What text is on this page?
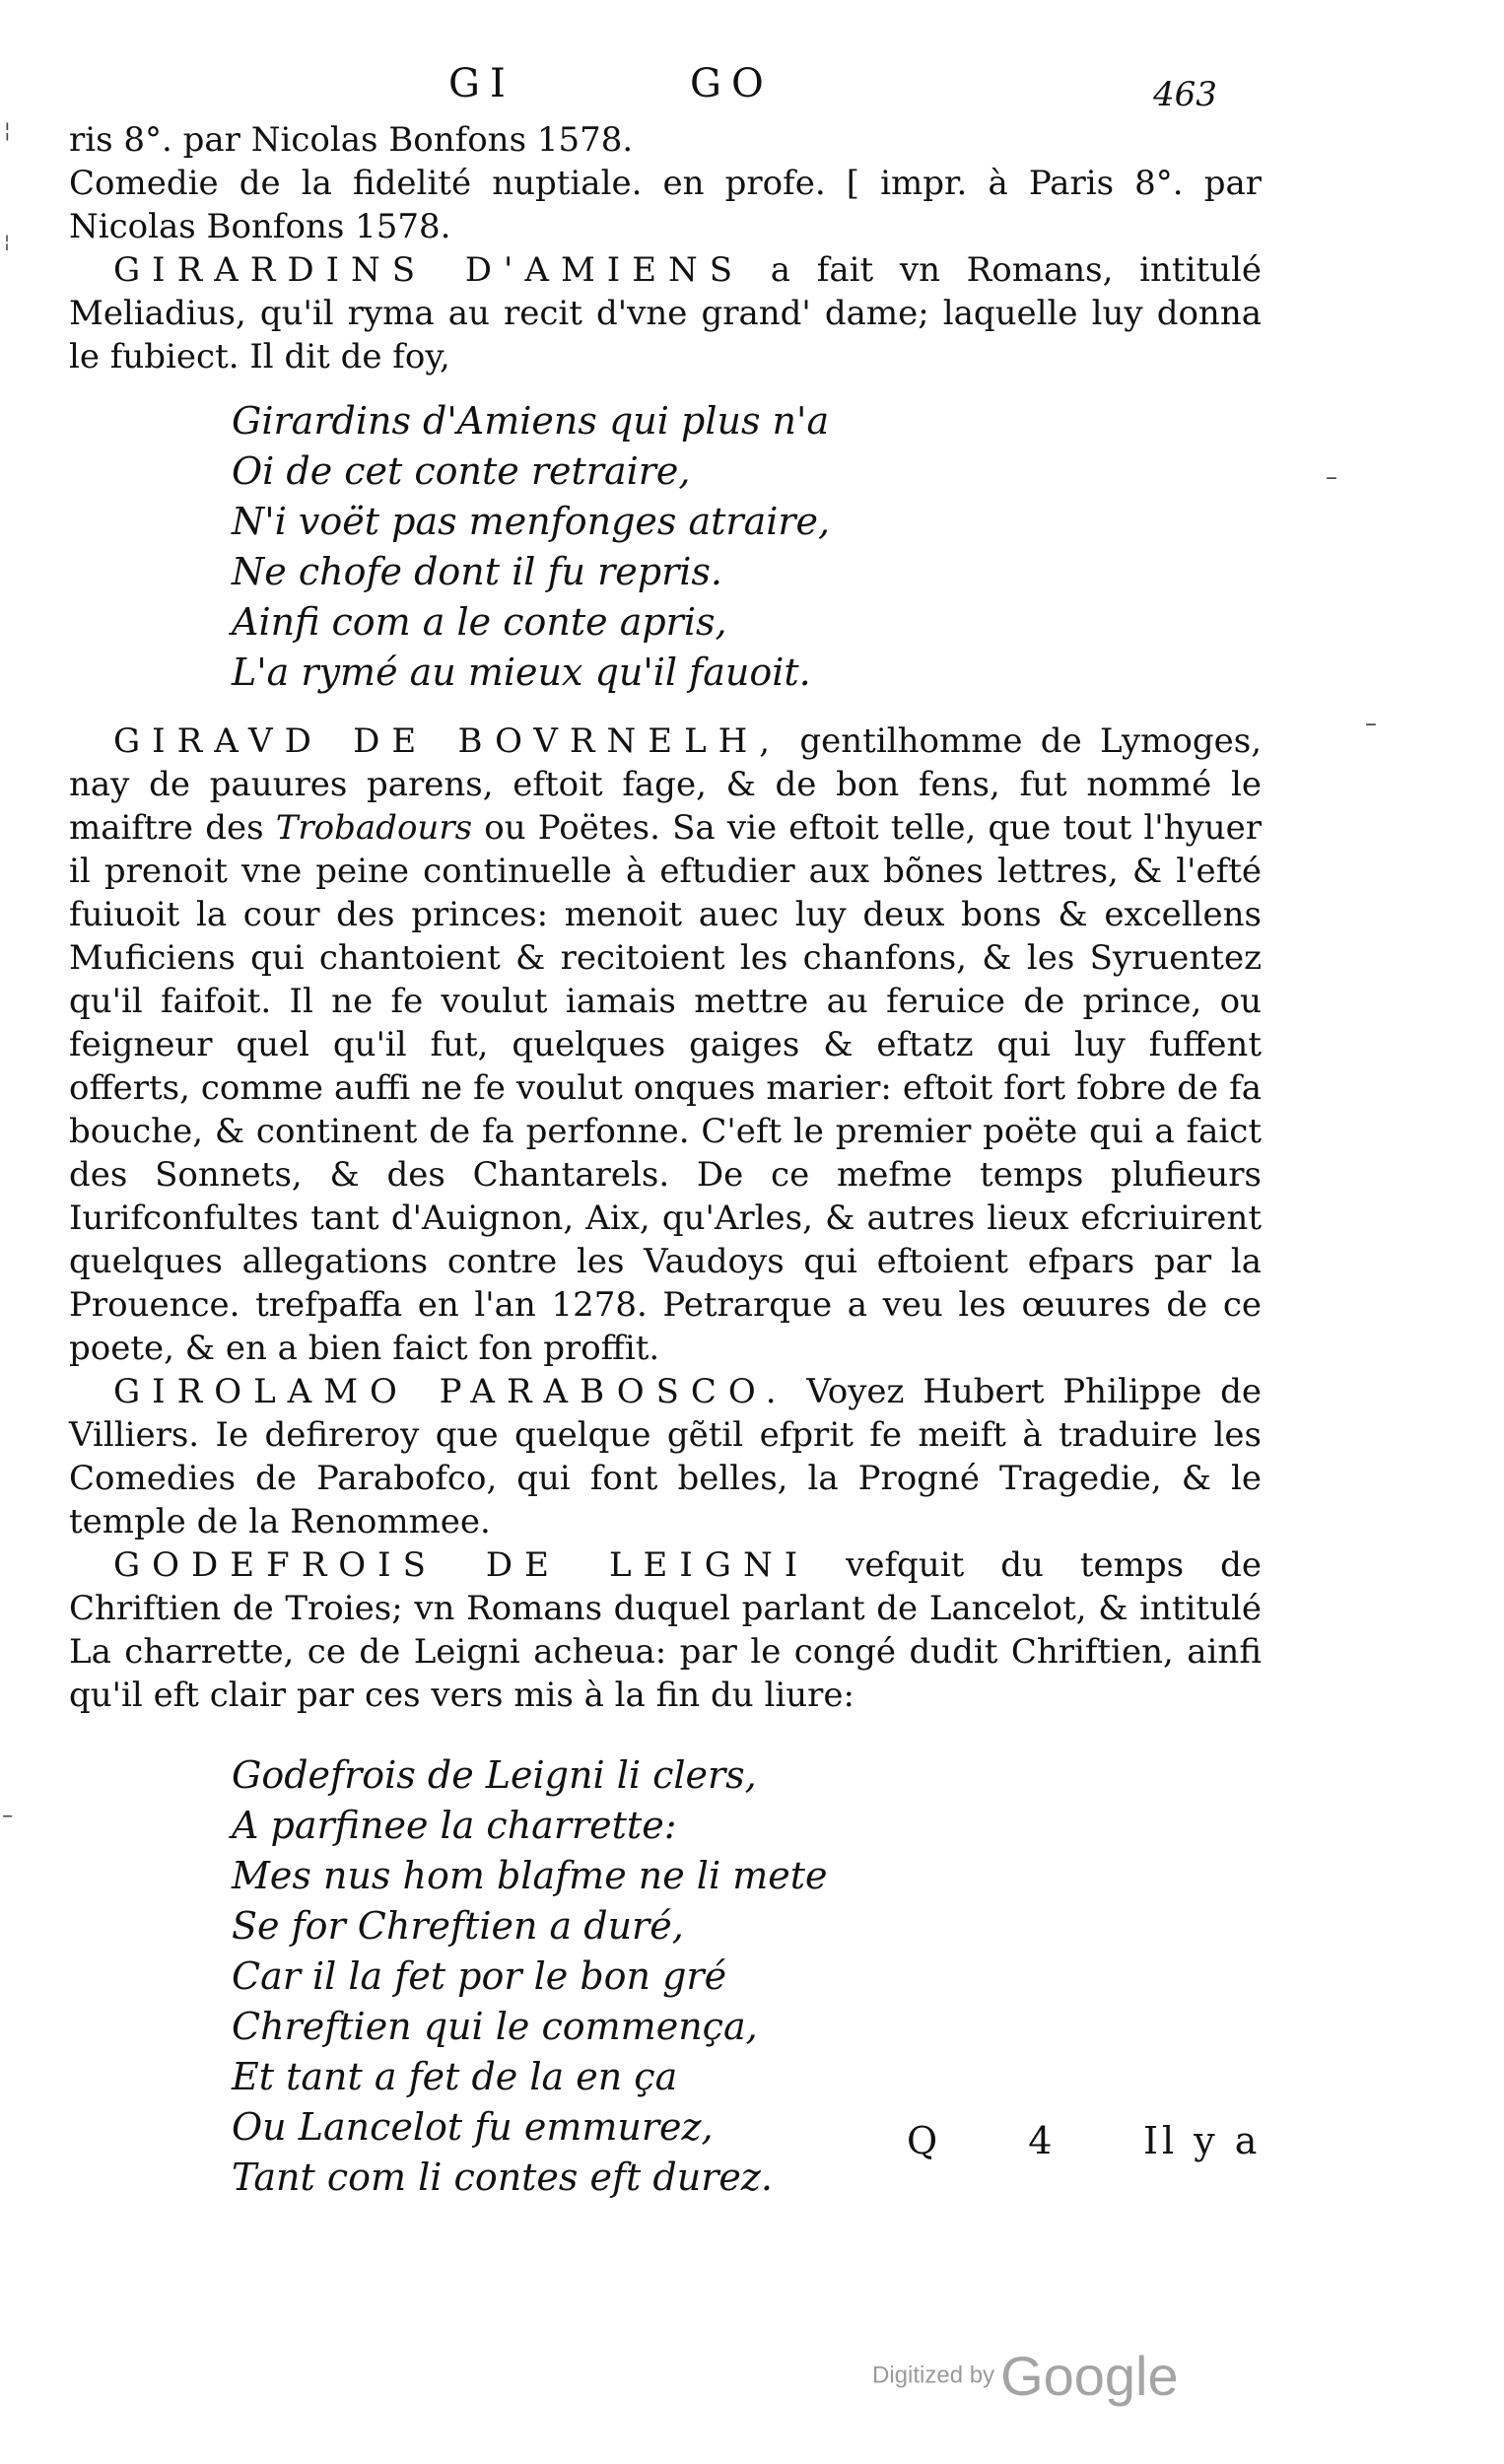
GI	GO	463

ris 8°. par Nicolas Bonfons 1578.

Comedie de la fidelité nuptiale. en profe. [ impr. à Paris 8°. par Nicolas Bonfons 1578.

GIRARDINS D'AMIENS a fait vn Romans, intitulé Meliadius, qu'il ryma au recit d'vne grand' dame; laquelle luy donna le fubiect. Il dit de foy,

Girardins d'Amiens qui plus n'a
Oi de cet conte retraire,
N'i voët pas menfonges atraire,
Ne chofe dont il fu repris.
Ainfi com a le conte apris,
L'a rymé au mieux qu'il fauoit.

GIRAVD DE BOVRNELH, gentilhomme de Lymoges, nay de pauures parens, eftoit fage, & de bon fens, fut nommé le maiftre des Trobadours ou Poëtes. Sa vie eftoit telle, que tout l'hyuer il prenoit vne peine continuelle à eftudier aux bõnes lettres, & l'efté fuiuoit la cour des princes: menoit auec luy deux bons & excellens Muficiens qui chantoient & recitoient les chanfons, & les Syruentez qu'il faifoit. Il ne fe voulut iamais mettre au feruice de prince, ou feigneur quel qu'il fut, quelques gaiges & eftatz qui luy fuffent offerts, comme auffi ne fe voulut onques marier: eftoit fort fobre de fa bouche, & continent de fa perfonne. C'eft le premier poëte qui a faict des Sonnets, & des Chantarels. De ce mefme temps plufieurs Iurifconfultes tant d'Auignon, Aix, qu'Arles, & autres lieux efcriuirent quelques allegations contre les Vaudoys qui eftoient efpars par la Prouence. trefpaffa en l'an 1278. Petrarque a veu les œuures de ce poete, & en a bien faict fon proffit.

GIROLAMO PARABOSCO. Voyez Hubert Philippe de Villiers. Ie defireroy que quelque gẽtil efprit fe meift à traduire les Comedies de Parabofco, qui font belles, la Progné Tragedie, & le temple de la Renommee.

GODEFROIS DE LEIGNI vefquit du temps de Chriftien de Troies; vn Romans duquel parlant de Lancelot, & intitulé La charrette, ce de Leigni acheua: par le congé dudit Chriftien, ainfi qu'il eft clair par ces vers mis à la fin du liure:

Godefrois de Leigni li clers,
A parfinee la charrette:
Mes nus hom blafme ne li mete
Se for Chreftien a duré,
Car il la fet por le bon gré
Chreftien qui le commença,
Et tant a fet de la en ça
Ou Lancelot fu emmurez,
Tant com li contes eft durez.
Q 4 Il y a
Digitized by Google
¦
¦
–
–
–
